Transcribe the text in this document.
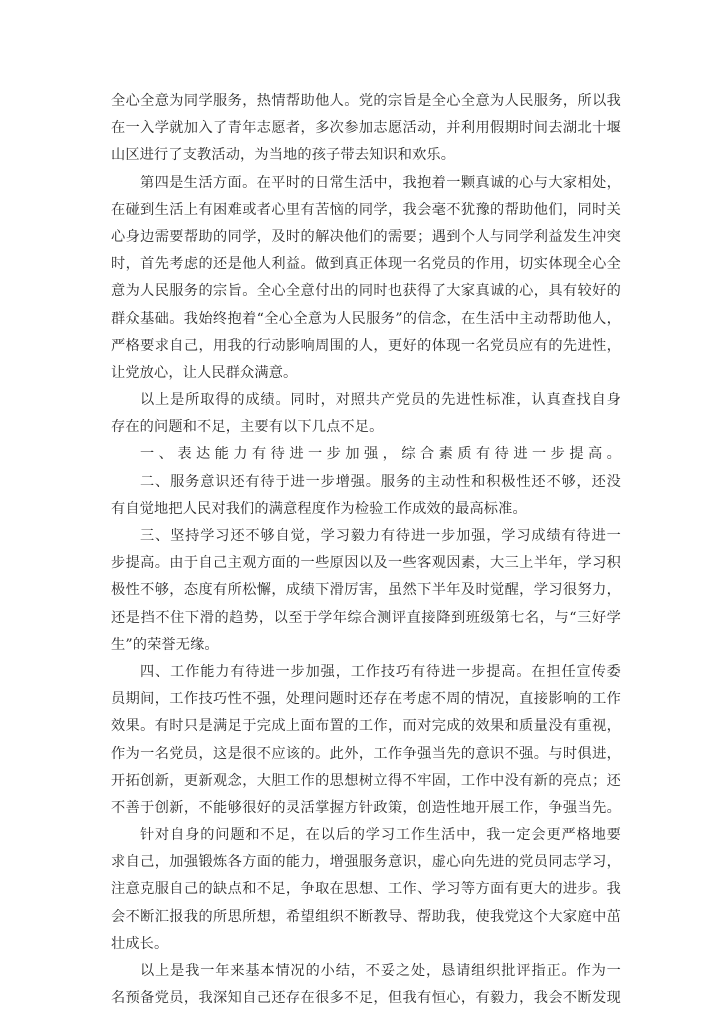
全心全意为同学服务，热情帮助他人。党的宗旨是全心全意为人民服务，所以我
在一入学就加入了青年志愿者，多次参加志愿活动，并利用假期时间去湖北十堰
山区进行了支教活动，为当地的孩子带去知识和欢乐。
第四是生活方面。在平时的日常生活中，我抱着一颗真诚的心与大家相处，
在碰到生活上有困难或者心里有苦恼的同学，我会毫不犹豫的帮助他们，同时关
心身边需要帮助的同学，及时的解决他们的需要；遇到个人与同学利益发生冲突
时，首先考虑的还是他人利益。做到真正体现一名党员的作用，切实体现全心全
意为人民服务的宗旨。全心全意付出的同时也获得了大家真诚的心，具有较好的
群众基础。我始终抱着“全心全意为人民服务”的信念，在生活中主动帮助他人，
严格要求自己，用我的行动影响周围的人，更好的体现一名党员应有的先进性，
让党放心，让人民群众满意。
以上是所取得的成绩。同时，对照共产党员的先进性标准，认真查找自身
存在的问题和不足，主要有以下几点不足。
一、表达能力有待进一步加强，综合素质有待进一步提高。
二、服务意识还有待于进一步增强。服务的主动性和积极性还不够，还没
有自觉地把人民对我们的满意程度作为检验工作成效的最高标准。
三、坚持学习还不够自觉，学习毅力有待进一步加强，学习成绩有待进一
步提高。由于自己主观方面的一些原因以及一些客观因素，大三上半年，学习积
极性不够，态度有所松懈，成绩下滑厉害，虽然下半年及时觉醒，学习很努力，
还是挡不住下滑的趋势，以至于学年综合测评直接降到班级第七名，与“三好学
生”的荣誉无缘。
四、工作能力有待进一步加强，工作技巧有待进一步提高。在担任宣传委
员期间，工作技巧性不强，处理问题时还存在考虑不周的情况，直接影响的工作
效果。有时只是满足于完成上面布置的工作，而对完成的效果和质量没有重视，
作为一名党员，这是很不应该的。此外，工作争强当先的意识不强。与时俱进，
开拓创新，更新观念，大胆工作的思想树立得不牢固，工作中没有新的亮点；还
不善于创新，不能够很好的灵活掌握方针政策，创造性地开展工作，争强当先。
针对自身的问题和不足，在以后的学习工作生活中，我一定会更严格地要
求自己，加强锻炼各方面的能力，增强服务意识，虚心向先进的党员同志学习，
注意克服自己的缺点和不足，争取在思想、工作、学习等方面有更大的进步。我
会不断汇报我的所思所想，希望组织不断教导、帮助我，使我党这个大家庭中茁
壮成长。
以上是我一年来基本情况的小结，不妥之处，恳请组织批评指正。作为一
名预备党员，我深知自己还存在很多不足，但我有恒心，有毅力，我会不断发现
